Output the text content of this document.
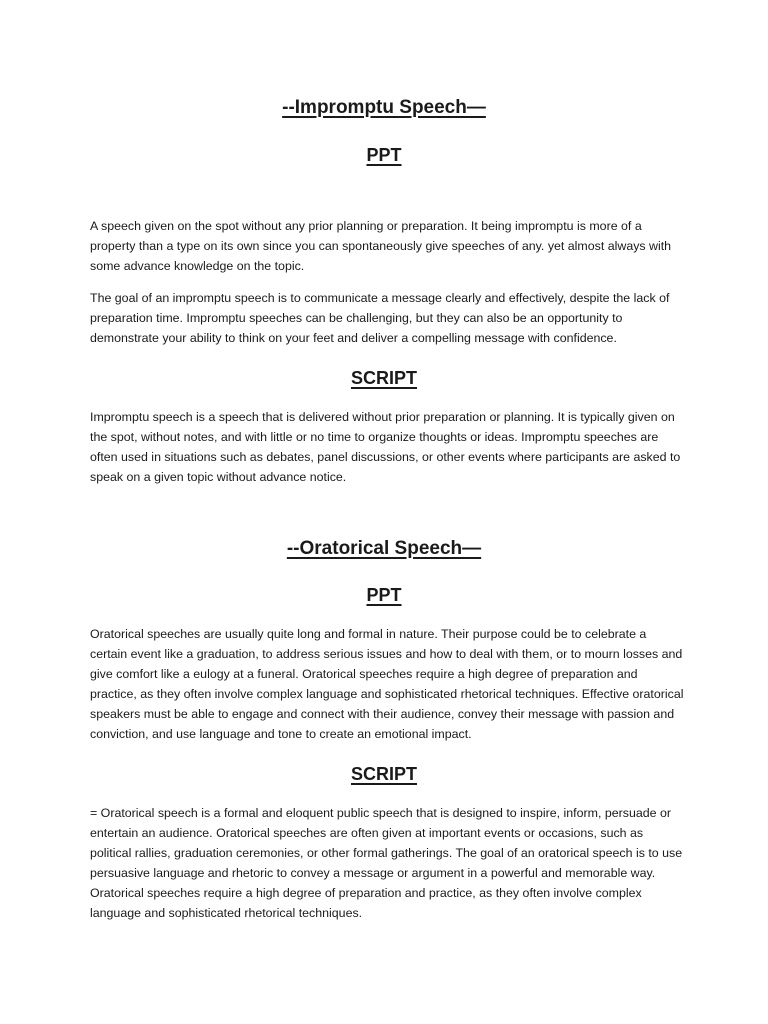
--Impromptu Speech—
PPT

A speech given on the spot without any prior planning or preparation. It being impromptu is more of a property than a type on its own since you can spontaneously give speeches of any. yet almost always with some advance knowledge on the topic.

The goal of an impromptu speech is to communicate a message clearly and effectively, despite the lack of preparation time. Impromptu speeches can be challenging, but they can also be an opportunity to demonstrate your ability to think on your feet and deliver a compelling message with confidence.

SCRIPT

Impromptu speech is a speech that is delivered without prior preparation or planning. It is typically given on the spot, without notes, and with little or no time to organize thoughts or ideas. Impromptu speeches are often used in situations such as debates, panel discussions, or other events where participants are asked to speak on a given topic without advance notice.

--Oratorical Speech—
PPT

Oratorical speeches are usually quite long and formal in nature. Their purpose could be to celebrate a certain event like a graduation, to address serious issues and how to deal with them, or to mourn losses and give comfort like a eulogy at a funeral. Oratorical speeches require a high degree of preparation and practice, as they often involve complex language and sophisticated rhetorical techniques. Effective oratorical speakers must be able to engage and connect with their audience, convey their message with passion and conviction, and use language and tone to create an emotional impact.

SCRIPT

= Oratorical speech is a formal and eloquent public speech that is designed to inspire, inform, persuade or entertain an audience. Oratorical speeches are often given at important events or occasions, such as political rallies, graduation ceremonies, or other formal gatherings. The goal of an oratorical speech is to use persuasive language and rhetoric to convey a message or argument in a powerful and memorable way. Oratorical speeches require a high degree of preparation and practice, as they often involve complex language and sophisticated rhetorical techniques.
